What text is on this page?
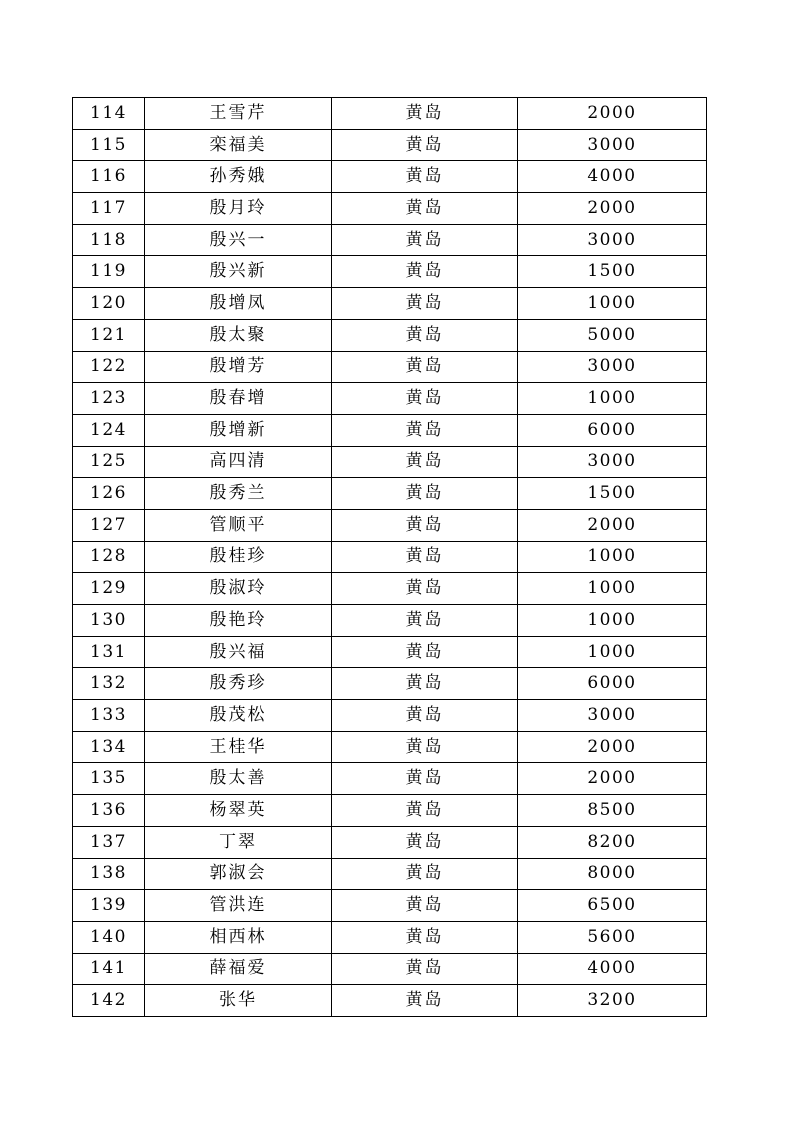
114	王雪芹	黄岛	2000
115	栾福美	黄岛	3000
116	孙秀娥	黄岛	4000
117	殷月玲	黄岛	2000
118	殷兴一	黄岛	3000
119	殷兴新	黄岛	1500
120	殷增凤	黄岛	1000
121	殷太聚	黄岛	5000
122	殷增芳	黄岛	3000
123	殷春增	黄岛	1000
124	殷增新	黄岛	6000
125	高四清	黄岛	3000
126	殷秀兰	黄岛	1500
127	管顺平	黄岛	2000
128	殷桂珍	黄岛	1000
129	殷淑玲	黄岛	1000
130	殷艳玲	黄岛	1000
131	殷兴福	黄岛	1000
132	殷秀珍	黄岛	6000
133	殷茂松	黄岛	3000
134	王桂华	黄岛	2000
135	殷太善	黄岛	2000
136	杨翠英	黄岛	8500
137	丁翠	黄岛	8200
138	郭淑会	黄岛	8000
139	管洪连	黄岛	6500
140	相西林	黄岛	5600
141	薛福爱	黄岛	4000
142	张华	黄岛	3200
